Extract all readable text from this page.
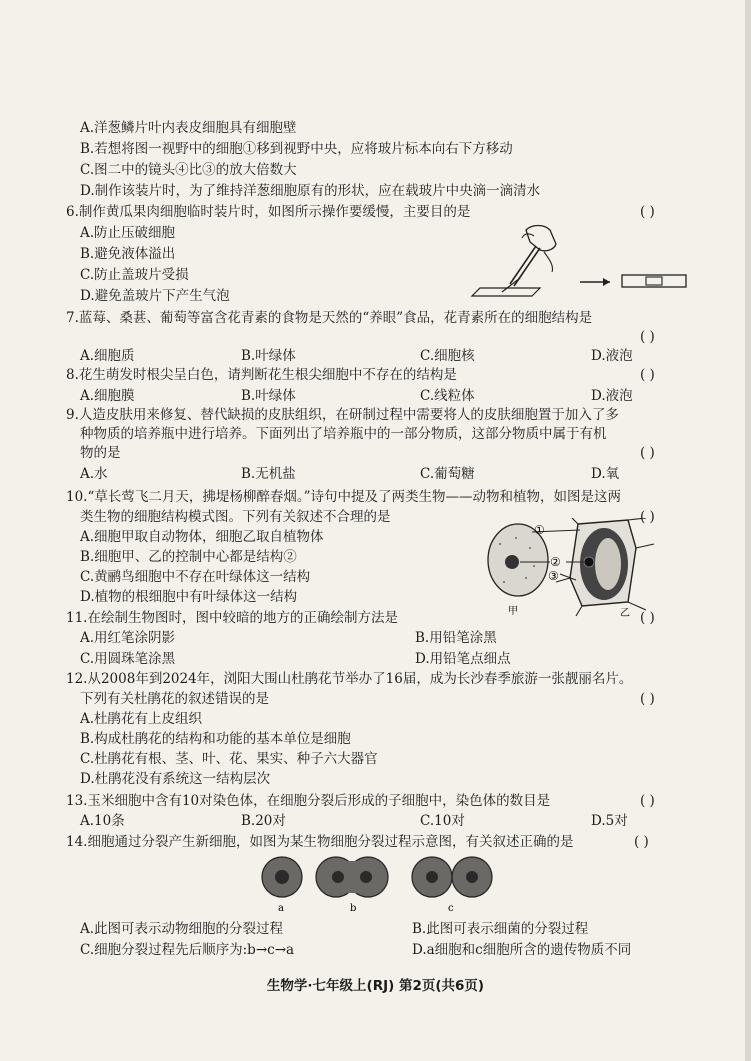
A.洋葱鳞片叶内表皮细胞具有细胞壁
B.若想将图一视野中的细胞①移到视野中央，应将玻片标本向右下方移动
C.图二中的镜头④比③的放大倍数大
D.制作该装片时，为了维持洋葱细胞原有的形状，应在载玻片中央滴一滴清水
6.制作黄瓜果肉细胞临时装片时，如图所示操作要缓慢，主要目的是	( )
A.防止压破细胞
B.避免液体溢出
C.防止盖玻片受损
D.避免盖玻片下产生气泡
7.蓝莓、桑葚、葡萄等富含花青素的食物是天然的“养眼”食品，花青素所在的细胞结构是
( )
A.细胞质	B.叶绿体	C.细胞核	D.液泡
8.花生萌发时根尖呈白色，请判断花生根尖细胞中不存在的结构是	( )
A.细胞膜	B.叶绿体	C.线粒体	D.液泡
9.人造皮肤用来修复、替代缺损的皮肤组织，在研制过程中需要将人的皮肤细胞置于加入了多
种物质的培养瓶中进行培养。下面列出了培养瓶中的一部分物质，这部分物质中属于有机
物的是	( )
A.水	B.无机盐	C.葡萄糖	D.氧
10.“草长莺飞二月天，拂堤杨柳醉春烟。”诗句中提及了两类生物——动物和植物，如图是这两
类生物的细胞结构模式图。下列有关叙述不合理的是	( )
A.细胞甲取自动物体，细胞乙取自植物体
B.细胞甲、乙的控制中心都是结构②
C.黄鹂鸟细胞中不存在叶绿体这一结构
D.植物的根细胞中有叶绿体这一结构
①
②
③
甲	乙
11.在绘制生物图时，图中较暗的地方的正确绘制方法是	( )
A.用红笔涂阴影	B.用铅笔涂黑
C.用圆珠笔涂黑	D.用铅笔点细点
12.从2008年到2024年，浏阳大围山杜鹃花节举办了16届，成为长沙春季旅游一张靓丽名片。
下列有关杜鹃花的叙述错误的是	( )
A.杜鹃花有上皮组织
B.构成杜鹃花的结构和功能的基本单位是细胞
C.杜鹃花有根、茎、叶、花、果实、种子六大器官
D.杜鹃花没有系统这一结构层次
13.玉米细胞中含有10对染色体，在细胞分裂后形成的子细胞中，染色体的数目是	( )
A.10条	B.20对	C.10对	D.5对
14.细胞通过分裂产生新细胞，如图为某生物细胞分裂过程示意图，有关叙述正确的是	( )
a	b	c
A.此图可表示动物细胞的分裂过程	B.此图可表示细菌的分裂过程
C.细胞分裂过程先后顺序为:b→c→a	D.a细胞和c细胞所含的遗传物质不同
生物学·七年级上(RJ) 第2页(共6页)
